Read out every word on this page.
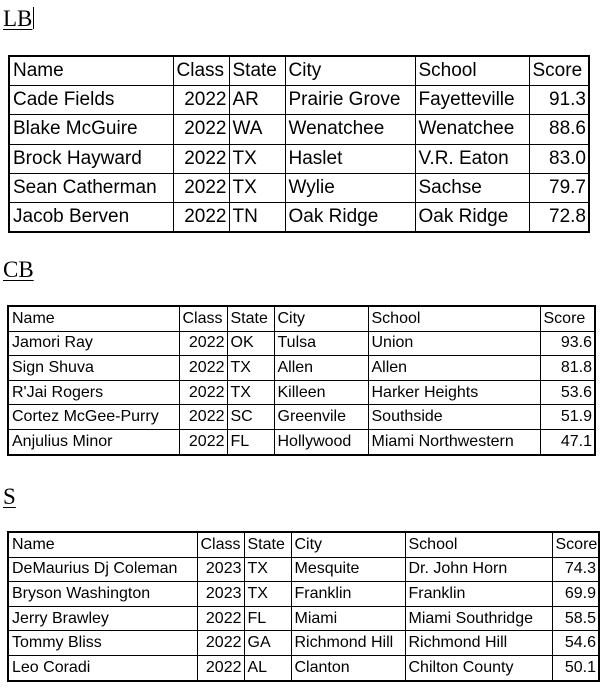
LB
Name	Class	State	City	School	Score
Cade Fields	2022	AR	Prairie Grove	Fayetteville	91.3
Blake McGuire	2022	WA	Wenatchee	Wenatchee	88.6
Brock Hayward	2022	TX	Haslet	V.R. Eaton	83.0
Sean Catherman	2022	TX	Wylie	Sachse	79.7
Jacob Berven	2022	TN	Oak Ridge	Oak Ridge	72.8
CB
Name	Class	State	City	School	Score
Jamori Ray	2022	OK	Tulsa	Union	93.6
Sign Shuva	2022	TX	Allen	Allen	81.8
R'Jai Rogers	2022	TX	Killeen	Harker Heights	53.6
Cortez McGee-Purry	2022	SC	Greenvile	Southside	51.9
Anjulius Minor	2022	FL	Hollywood	Miami Northwestern	47.1
S
Name	Class	State	City	School	Score
DeMaurius Dj Coleman	2023	TX	Mesquite	Dr. John Horn	74.3
Bryson Washington	2023	TX	Franklin	Franklin	69.9
Jerry Brawley	2022	FL	Miami	Miami Southridge	58.5
Tommy Bliss	2022	GA	Richmond Hill	Richmond Hill	54.6
Leo Coradi	2022	AL	Clanton	Chilton County	50.1
